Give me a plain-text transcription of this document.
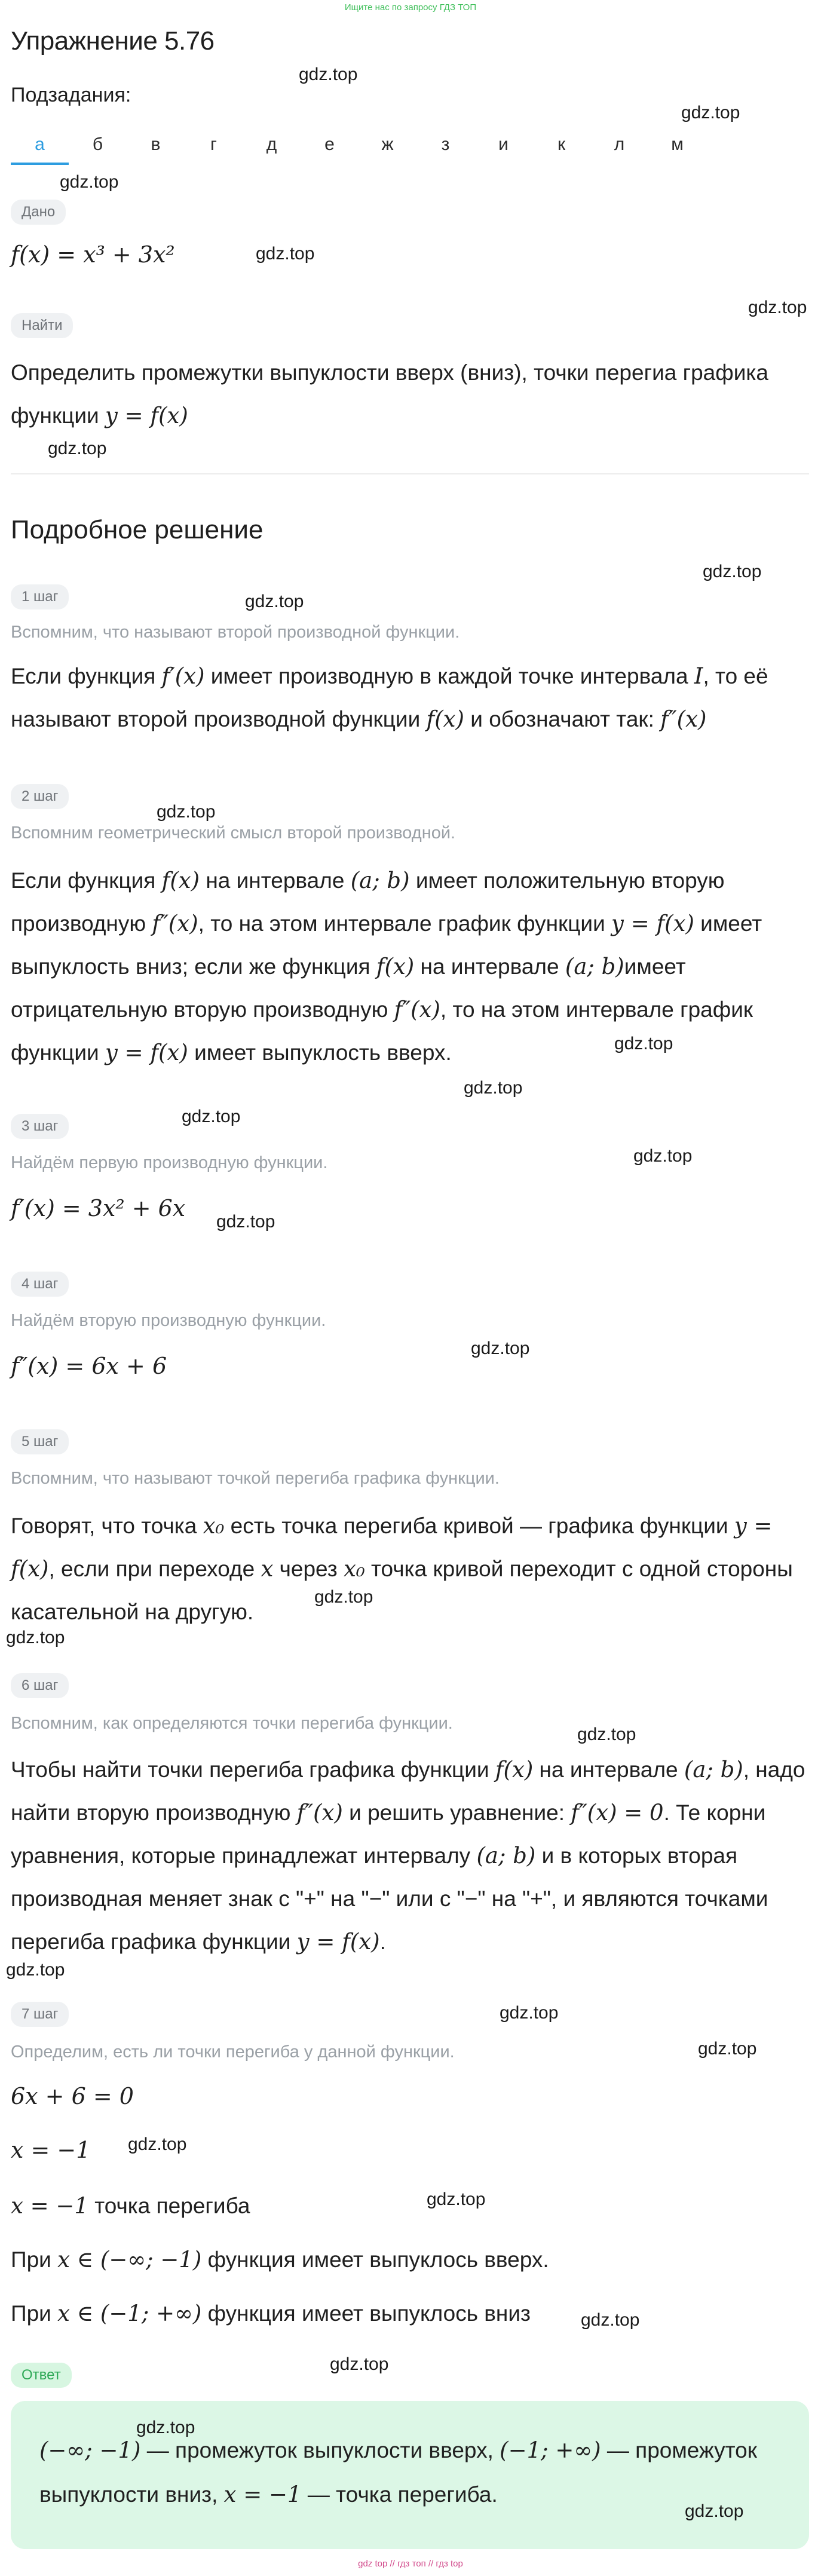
Ищите нас по запросу ГДЗ ТОП
Упражнение 5.76
Подзадания:
а	б	в	г	д	е	ж	з	и	к	л	м
Дано
f(x) = x³ + 3x²
Найти
Определить промежутки выпуклости вверх (вниз), точки перегиа графика
функции y = f(x)
Подробное решение
1 шаг
Вспомним, что называют второй производной функции.
Если функция f′(x) имеет производную в каждой точке интервала I, то её
называют второй производной функции f(x) и обозначают так: f″(x)
2 шаг
Вспомним геометрический смысл второй производной.
Если функция f(x) на интервале (a; b) имеет положительную вторую
производную f″(x), то на этом интервале график функции y = f(x) имеет
выпуклость вниз; если же функция f(x) на интервале (a; b)имеет
отрицательную вторую производную f″(x), то на этом интервале график
функции y = f(x) имеет выпуклость вверх.
3 шаг
Найдём первую производную функции.
f′(x) = 3x² + 6x
4 шаг
Найдём вторую производную функции.
f″(x) = 6x + 6
5 шаг
Вспомним, что называют точкой перегиба графика функции.
Говорят, что точка x₀ есть точка перегиба кривой — графика функции y =
f(x), если при переходе x через x₀ точка кривой переходит с одной стороны
касательной на другую.
6 шаг
Вспомним, как определяются точки перегиба функции.
Чтобы найти точки перегиба графика функции f(x) на интервале (a; b), надо
найти вторую производную f″(x) и решить уравнение: f″(x) = 0. Те корни
уравнения, которые принадлежат интервалу (a; b) и в которых вторая
производная меняет знак с "+" на "−" или с "−" на "+", и являются точками
перегиба графика функции y = f(x).
7 шаг
Определим, есть ли точки перегиба у данной функции.
6x + 6 = 0
x = −1
x = −1 точка перегиба
При x ∈ (−∞; −1) функция имеет выпуклось вверх.
При x ∈ (−1; +∞) функция имеет выпуклось вниз
Ответ
(−∞; −1) — промежуток выпуклости вверх, (−1; +∞) — промежуток
выпуклости вниз, x = −1 — точка перегиба.
gdz.top
gdz.top
gdz.top
gdz.top
gdz.top
gdz.top
gdz.top
gdz.top
gdz.top
gdz.top
gdz.top
gdz.top
gdz.top
gdz.top
gdz.top
gdz.top
gdz.top
gdz.top
gdz.top
gdz.top
gdz.top
gdz.top
gdz.top
gdz.top
gdz.top
gdz.top
gdz.top
gdz top // гдз топ // гдз top
